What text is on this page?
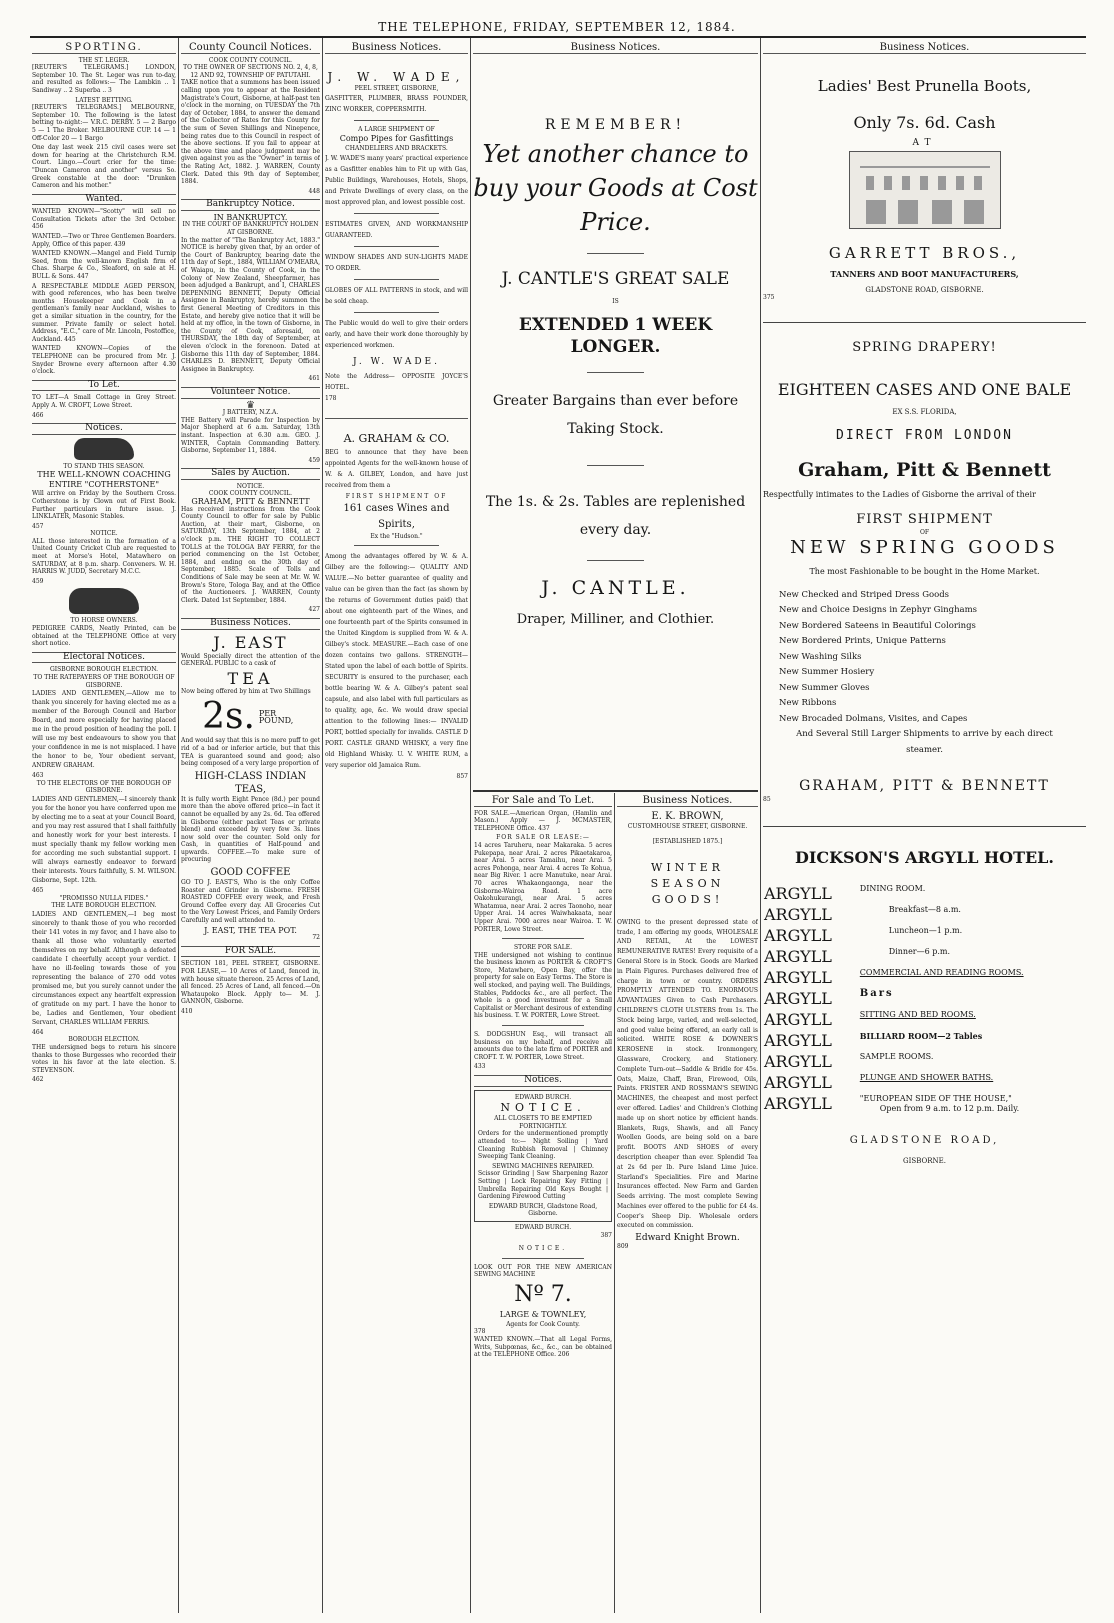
THE TELEPHONE, FRIDAY, SEPTEMBER 12, 1884.
SPORTING.
THE ST. LEGER.

[REUTER'S TELEGRAMS.] LONDON, September 10. The St. Leger was run to-day, and resulted as follows:— The Lambkin .. 1 Sandiway .. 2 Superba .. 3

LATEST BETTING.

[REUTER'S TELEGRAMS.] MELBOURNE, September 10. The following is the latest betting to-night:— V.R.C. DERBY. 5 — 2 Bargo 5 — 1 The Broker. MELBOURNE CUP. 14 — 1 Off-Color 20 — 1 Bargo

One day last week 215 civil cases were set down for hearing at the Christchurch R.M. Court. Lingo.—Court crier for the time: "Duncan Cameron and another" versus So. Greek constable at the door: "Drunken Cameron and his mother."

Wanted.

WANTED KNOWN—"Scotty" will sell no Consultation Tickets after the 3rd October. 456

WANTED.—Two or Three Gentlemen Boarders. Apply, Office of this paper. 439

WANTED KNOWN.—Mangel and Field Turnip Seed, from the well-known English firm of Chas. Sharpe & Co., Sleaford, on sale at H. BULL & Sons. 447

A RESPECTABLE MIDDLE AGED PERSON, with good references, who has been twelve months Housekeeper and Cook in a gentleman's family near Auckland, wishes to get a similar situation in the country, for the summer. Private family or select hotel. Address, "E.C.," care of Mr. Lincoln, Postoffice, Auckland. 445

WANTED KNOWN—Copies of the TELEPHONE can be procured from Mr. J. Snyder Browne every afternoon after 4.30 o'clock.

To Let.

TO LET—A Small Cottage in Grey Street. Apply A. W. CROFT, Lowe Street.

466
Notices.
TO STAND THIS SEASON.
THE WELL-KNOWN COACHING ENTIRE "COTHERSTONE"

Will arrive on Friday by the Southern Cross. Cotherstone is by Clown out of First Book. Further particulars in future issue. J. LINKLATER, Masonic Stables.

457
NOTICE.

ALL those interested in the formation of a United County Cricket Club are requested to meet at Morse's Hotel, Matawhero on SATURDAY, at 8 p.m. sharp. Conveners. W. H. HARRIS W. JUDD, Secretary M.C.C.

459
TO HORSE OWNERS.

PEDIGREE CARDS, Neatly Printed, can be obtained at the TELEPHONE Office at very short notice.

Electoral Notices.
GISBORNE BOROUGH ELECTION.
TO THE RATEPAYERS OF THE BOROUGH OF GISBORNE.

LADIES AND GENTLEMEN,—Allow me to thank you sincerely for having elected me as a member of the Borough Council and Harbor Board, and more especially for having placed me in the proud position of heading the poll. I will use my best endeavours to show you that your confidence in me is not misplaced. I have the honor to be, Your obedient servant, ANDREW GRAHAM.

463
TO THE ELECTORS OF THE BOROUGH OF GISBORNE.

LADIES AND GENTLEMEN,—I sincerely thank you for the honor you have conferred upon me by electing me to a seat at your Council Board, and you may rest assured that I shall faithfully and honestly work for your best interests. I must specially thank my fellow working men for according me such substantial support. I will always earnestly endeavor to forward their interests. Yours faithfully, S. M. WILSON. Gisborne, Sept. 12th.

465
"PROMISSO NULLA FIDES."
THE LATE BOROUGH ELECTION.

LADIES AND GENTLEMEN,—I beg most sincerely to thank those of you who recorded their 141 votes in my favor, and I have also to thank all those who voluntarily exerted themselves on my behalf. Although a defeated candidate I cheerfully accept your verdict. I have no ill-feeling towards those of you representing the balance of 270 odd votes promised me, but you surely cannot under the circumstances expect any heartfelt expression of gratitude on my part. I have the honor to be, Ladies and Gentlemen, Your obedient Servant, CHARLES WILLIAM FERRIS.

464
BOROUGH ELECTION.

THE undersigned begs to return his sincere thanks to those Burgesses who recorded their votes in his favor at the late election. S. STEVENSON.

462
County Council Notices.
COOK COUNTY COUNCIL.
TO THE OWNER OF SECTIONS NO. 2, 4, 8, 12 AND 92, TOWNSHIP OF PATUTAHI.

TAKE notice that a summons has been issued calling upon you to appear at the Resident Magistrate's Court, Gisborne, at half-past ten o'clock in the morning, on TUESDAY the 7th day of October, 1884, to answer the demand of the Collector of Rates for this County for the sum of Seven Shillings and Ninepence, being rates due to this Council in respect of the above sections. If you fail to appear at the above time and place judgment may be given against you as the "Owner" in terms of the Rating Act, 1882. J. WARREN, County Clerk. Dated this 9th day of September, 1884.

448
Bankruptcy Notice.
IN BANKRUPTCY.
IN THE COURT OF BANKRUPTCY HOLDEN AT GISBORNE.

In the matter of "The Bankruptcy Act, 1883." NOTICE is hereby given that, by an order of the Court of Bankruptcy, bearing date the 11th day of Sept., 1884, WILLIAM O'MEARA, of Waiapu, in the County of Cook, in the Colony of New Zealand, Sheepfarmer, has been adjudged a Bankrupt, and I, CHARLES DEPENNING BENNETT, Deputy Official Assignee in Bankruptcy, hereby summon the first General Meeting of Creditors in this Estate, and hereby give notice that it will be held at my office, in the town of Gisborne, in the County of Cook, aforesaid, on THURSDAY, the 18th day of September, at eleven o'clock in the forenoon. Dated at Gisborne this 11th day of September, 1884. CHARLES D. BENNETT, Deputy Official Assignee in Bankruptcy.

461
Volunteer Notice.
♛
J BATTERY, N.Z.A.

THE Battery will Parade for Inspection by Major Shepherd at 6 a.m. Saturday, 13th instant. Inspection at 6.30 a.m. GEO. J. WINTER, Captain Commanding Battery. Gisborne, September 11, 1884.

459
Sales by Auction.
NOTICE.
COOK COUNTY COUNCIL.
GRAHAM, PITT & BENNETT

Has received instructions from the Cook County Council to offer for sale by Public Auction, at their mart, Gisborne, on SATURDAY, 13th September, 1884, at 2 o'clock p.m. THE RIGHT TO COLLECT TOLLS at the TOLOGA BAY FERRY, for the period commencing on the 1st October, 1884, and ending on the 30th day of September, 1885. Scale of Tolls and Conditions of Sale may be seen at Mr. W. W. Brown's Store, Tologa Bay, and at the Office of the Auctioneers. J. WARREN, County Clerk. Dated 1st September, 1884.

427
Business Notices.
J. EAST

Would Specially direct the attention of the GENERAL PUBLIC to a cask of

TEA

Now being offered by him at Two Shillings

2s. PER POUND,

And would say that this is no mere puff to get rid of a bad or inferior article, but that this TEA is guaranteed sound and good; also being composed of a very large proportion of

HIGH-CLASS INDIAN TEAS,

It is fully worth Eight Pence (8d.) per pound more than the above offered price—in fact it cannot be equalled by any 2s. 6d. Tea offered in Gisborne (either packet Teas or private blend) and exceeded by very few 3s. lines now sold over the counter. Sold only for Cash, in quantities of Half-pound and upwards. COFFEE.—To make sure of procuring

GOOD COFFEE

GO TO J. EAST'S, Who is the only Coffee Roaster and Grinder in Gisborne. FRESH ROASTED COFFEE every week, and Fresh Ground Coffee every day. All Groceries Cut to the Very Lowest Prices, and Family Orders Carefully and well attended to.

J. EAST, THE TEA POT.
72
FOR SALE.

SECTION 181, PEEL STREET, GISBORNE. FOR LEASE,— 10 Acres of Land, fenced in, with house situate thereon. 25 Acres of Land, all fenced. 25 Acres of Land, all fenced.—On Whataupoko Block. Apply to— M. J. GANNON, Gisborne.

410
Business Notices.
J. W. WADE,
PEEL STREET, GISBORNE,

GASFITTER, PLUMBER, BRASS FOUNDER, ZINC WORKER, COPPERSMITH.

A LARGE SHIPMENT OF
Compo Pipes for Gasfittings
CHANDELIERS AND BRACKETS.

J. W. WADE'S many years' practical experience as a Gasfitter enables him to Fit up with Gas, Public Buildings, Warehouses, Hotels, Shops, and Private Dwellings of every class, on the most approved plan, and lowest possible cost.

ESTIMATES GIVEN, AND WORKMANSHIP GUARANTEED.

WINDOW SHADES AND SUN-LIGHTS MADE TO ORDER.

GLOBES OF ALL PATTERNS in stock, and will be sold cheap.

The Public would do well to give their orders early, and have their work done thoroughly by experienced workmen.

J. W. WADE.

Note the Address— OPPOSITE JOYCE'S HOTEL.

178
A. GRAHAM & CO.

BEG to announce that they have been appointed Agents for the well-known house of W. & A. GILBEY, London, and have just received from them a

FIRST SHIPMENT OF
161 cases Wines and Spirits,
Ex the "Hudson."

Among the advantages offered by W. & A. Gilbey are the following:— QUALITY AND VALUE.—No better guarantee of quality and value can be given than the fact (as shown by the returns of Government duties paid) that about one eighteenth part of the Wines, and one fourteenth part of the Spirits consumed in the United Kingdom is supplied from W. & A. Gilbey's stock. MEASURE.—Each case of one dozen contains two gallons. STRENGTH—Stated upon the label of each bottle of Spirits. SECURITY is ensured to the purchaser, each bottle bearing W. & A. Gilbey's patent seal capsule, and also label with full particulars as to quality, age, &c. We would draw special attention to the following lines:— INVALID PORT, bottled specially for invalids. CASTLE D PORT. CASTLE GRAND WHISKY, a very fine old Highland Whisky. U. V. WHITE RUM, a very superior old Jamaica Rum.

857
Business Notices.
REMEMBER!
Yet another chance to buy your Goods at Cost Price.
J. CANTLE'S GREAT SALE
IS
EXTENDED 1 WEEK LONGER.
Greater Bargains than ever before Taking Stock.
The 1s. & 2s. Tables are replenished every day.
J. CANTLE.
Draper, Milliner, and Clothier.
For Sale and To Let.

FOR SALE.—American Organ, (Hamlin and Mason.) Apply — J. MCMASTER, TELEPHONE Office. 437

FOR SALE OR LEASE:—

14 acres Taruheru, near Makaraka. 5 acres Pukepapa, near Arai. 2 acres Pikaetakaroa, near Arai. 5 acres Tamaihu, near Arai. 5 acres Pohonga, near Arai. 4 acres Te Kohua, near Big River. 1 acre Manutuke, near Arai. 70 acres Whakaongaonga, near the Gisborne-Wairoa Road. 1 acre Oakohukurangi, near Arai. 5 acres Whatamua, near Arai. 2 acres Taonoho, near Upper Arai. 14 acres Waiwhakaata, near Upper Arai. 7000 acres near Wairoa. T. W. PORTER, Lowe Street.

STORE FOR SALE.

THE undersigned not wishing to continue the business known as PORTER & CROFT'S Store, Matawhero, Open Bay, offer the property for sale on Easy Terms. The Store is well stocked, and paying well. The Buildings, Stables, Paddocks &c., are all perfect. The whole is a good investment for a Small Capitalist or Merchant desirous of extending his business. T. W. PORTER, Lowe Street.

S. DODGSHUN Esq., will transact all business on my behalf, and receive all amounts due to the late firm of PORTER and CROFT. T. W. PORTER, Lowe Street.

433
Notices.
EDWARD BURCH.
NOTICE.
ALL CLOSETS TO BE EMPTIED FORTNIGHTLY.

Orders for the undermentioned promptly attended to:— Night Soiling | Yard Cleaning Rubbish Removal | Chimney Sweeping Tank Cleaning.

SEWING MACHINES REPAIRED.

Scissor Grinding | Saw Sharpening Razor Setting | Lock Repairing Key Fitting | Umbrella Repairing Old Keys Bought | Gardening Firewood Cutting

EDWARD BURCH, Gladstone Road, Gisborne.
EDWARD BURCH.
387
NOTICE.

LOOK OUT FOR THE NEW AMERICAN SEWING MACHINE

Nº 7.
LARGE & TOWNLEY,
Agents for Cook County.
378

WANTED KNOWN.—That all Legal Forms, Writs, Subpœnas, &c., &c., can be obtained at the TELEPHONE Office. 206

Business Notices.
E. K. BROWN,
CUSTOMHOUSE STREET, GISBORNE.
[ESTABLISHED 1875.]
WINTER SEASON GOODS!

OWING to the present depressed state of trade, I am offering my goods, WHOLESALE AND RETAIL, At the LOWEST REMUNERATIVE RATES! Every requisite of a General Store is in Stock. Goods are Marked in Plain Figures. Purchases delivered free of charge in town or country. ORDERS PROMPTLY ATTENDED TO. ENORMOUS ADVANTAGES Given to Cash Purchasers. CHILDREN'S CLOTH ULSTERS from 1s. The Stock being large, varied, and well-selected, and good value being offered, an early call is solicited. WHITE ROSE & DOWNER'S KEROSENE in stock. Ironmongery, Glassware, Crockery, and Stationery. Complete Turn-out—Saddle & Bridle for 45s. Oats, Maize, Chaff, Bran, Firewood, Oils, Paints. FRISTER AND ROSSMAN'S SEWING MACHINES, the cheapest and most perfect ever offered. Ladies' and Children's Clothing made up on short notice by efficient hands. Blankets, Rugs, Shawls, and all Fancy Woollen Goods, are being sold on a bare profit. BOOTS AND SHOES of every description cheaper than ever. Splendid Tea at 2s 6d per lb. Pure Island Lime Juice. Starland's Specialities. Fire and Marine Insurances effected. New Farm and Garden Seeds arriving. The most complete Sewing Machines ever offered to the public for £4 4s. Cooper's Sheep Dip. Wholesale orders executed on commission.

Edward Knight Brown.
809
Business Notices.
Ladies' Best Prunella Boots,
Only 7s. 6d. Cash
AT
GARRETT BROS.,
TANNERS AND BOOT MANUFACTURERS,
GLADSTONE ROAD, GISBORNE.
375
SPRING DRAPERY!
EIGHTEEN CASES AND ONE BALE
EX S.S. FLORIDA,
DIRECT FROM LONDON
Graham, Pitt & Bennett

Respectfully intimates to the Ladies of Gisborne the arrival of their

FIRST SHIPMENT
OF
NEW SPRING GOODS
The most Fashionable to be bought in the Home Market.
New Checked and Striped Dress Goods
New and Choice Designs in Zephyr Ginghams
New Bordered Sateens in Beautiful Colorings
New Bordered Prints, Unique Patterns
New Washing Silks
New Summer Hosiery
New Summer Gloves
New Ribbons
New Brocaded Dolmans, Visites, and Capes
And Several Still Larger Shipments to arrive by each direct steamer.
GRAHAM, PITT & BENNETT
85
DICKSON'S ARGYLL HOTEL.
ARGYLL	DINING ROOM.
ARGYLL	Breakfast—8 a.m.
ARGYLL	Luncheon—1 p.m.
ARGYLL	Dinner—6 p.m.
ARGYLL	COMMERCIAL AND READING ROOMS.
ARGYLL	Bars
ARGYLL	SITTING AND BED ROOMS.
ARGYLL	BILLIARD ROOM—2 Tables
ARGYLL	SAMPLE ROOMS.
ARGYLL	PLUNGE AND SHOWER BATHS.
ARGYLL	"EUROPEAN SIDE OF THE HOUSE,"
Open from 9 a.m. to 12 p.m. Daily.
GLADSTONE ROAD,
GISBORNE.
